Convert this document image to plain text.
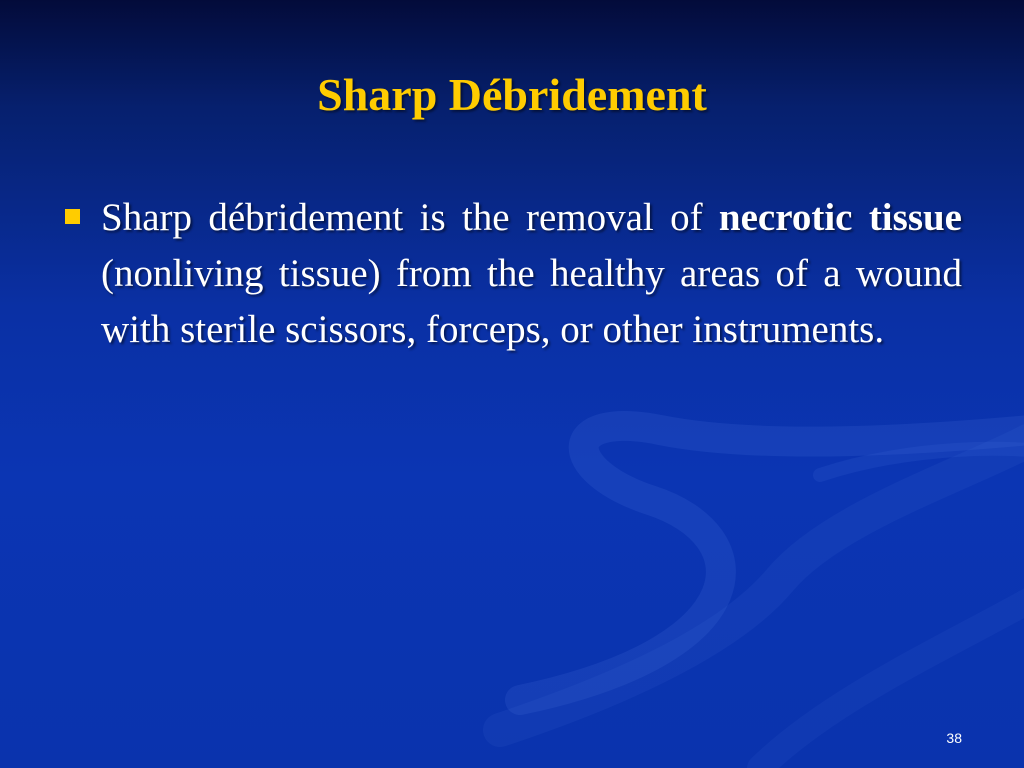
Sharp Débridement

Sharp débridement is the removal of necrotic tissue (nonliving tissue) from the healthy areas of a wound with sterile scissors, forceps, or other instruments.

38
